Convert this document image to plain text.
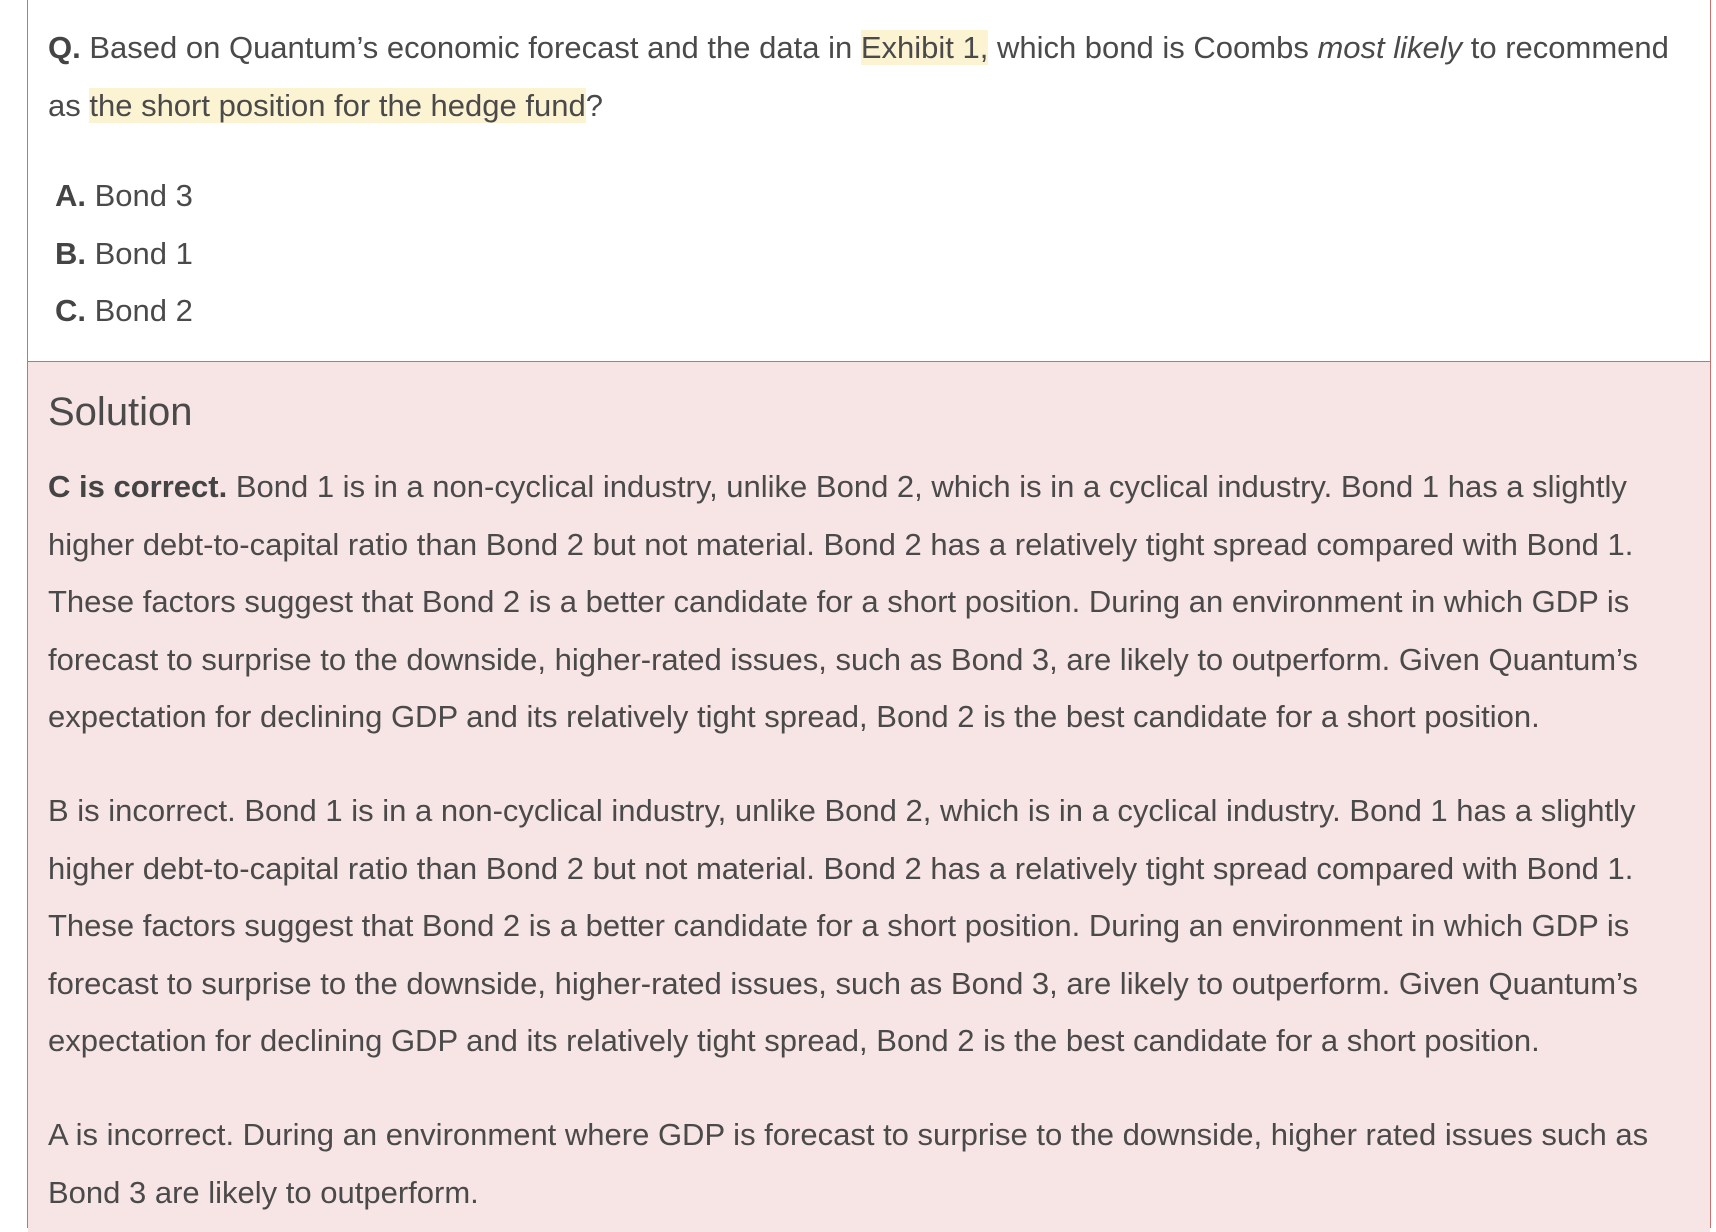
Q. Based on Quantum’s economic forecast and the data in Exhibit 1, which bond is Coombs most likely to recommend as the short position for the hedge fund?

A. Bond 3
B. Bond 1
C. Bond 2
Solution

C is correct. Bond 1 is in a non-cyclical industry, unlike Bond 2, which is in a cyclical industry. Bond 1 has a slightly higher debt-to-capital ratio than Bond 2 but not material. Bond 2 has a relatively tight spread compared with Bond 1. These factors suggest that Bond 2 is a better candidate for a short position. During an environment in which GDP is forecast to surprise to the downside, higher-rated issues, such as Bond 3, are likely to outperform. Given Quantum’s expectation for declining GDP and its relatively tight spread, Bond 2 is the best candidate for a short position.

B is incorrect. Bond 1 is in a non-cyclical industry, unlike Bond 2, which is in a cyclical industry. Bond 1 has a slightly higher debt-to-capital ratio than Bond 2 but not material. Bond 2 has a relatively tight spread compared with Bond 1. These factors suggest that Bond 2 is a better candidate for a short position. During an environment in which GDP is forecast to surprise to the downside, higher-rated issues, such as Bond 3, are likely to outperform. Given Quantum’s expectation for declining GDP and its relatively tight spread, Bond 2 is the best candidate for a short position.

A is incorrect. During an environment where GDP is forecast to surprise to the downside, higher rated issues such as Bond 3 are likely to outperform.
